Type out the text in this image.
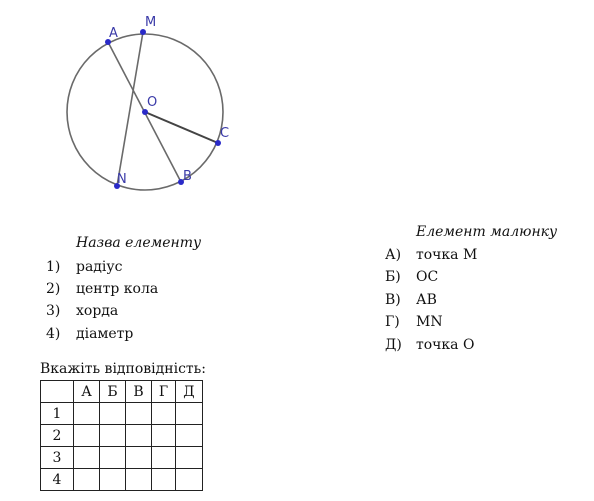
A
M
O
C
N	B
Назва елементу
1) радіус
2) центр кола
3) хорда
4) діаметр
Елемент малюнку
А) точка М
Б) ОС
В) АВ
Г) MN
Д) точка О
Вкажіть відповідність:
	А	Б	В	Г	Д
1					
2					
3					
4					
